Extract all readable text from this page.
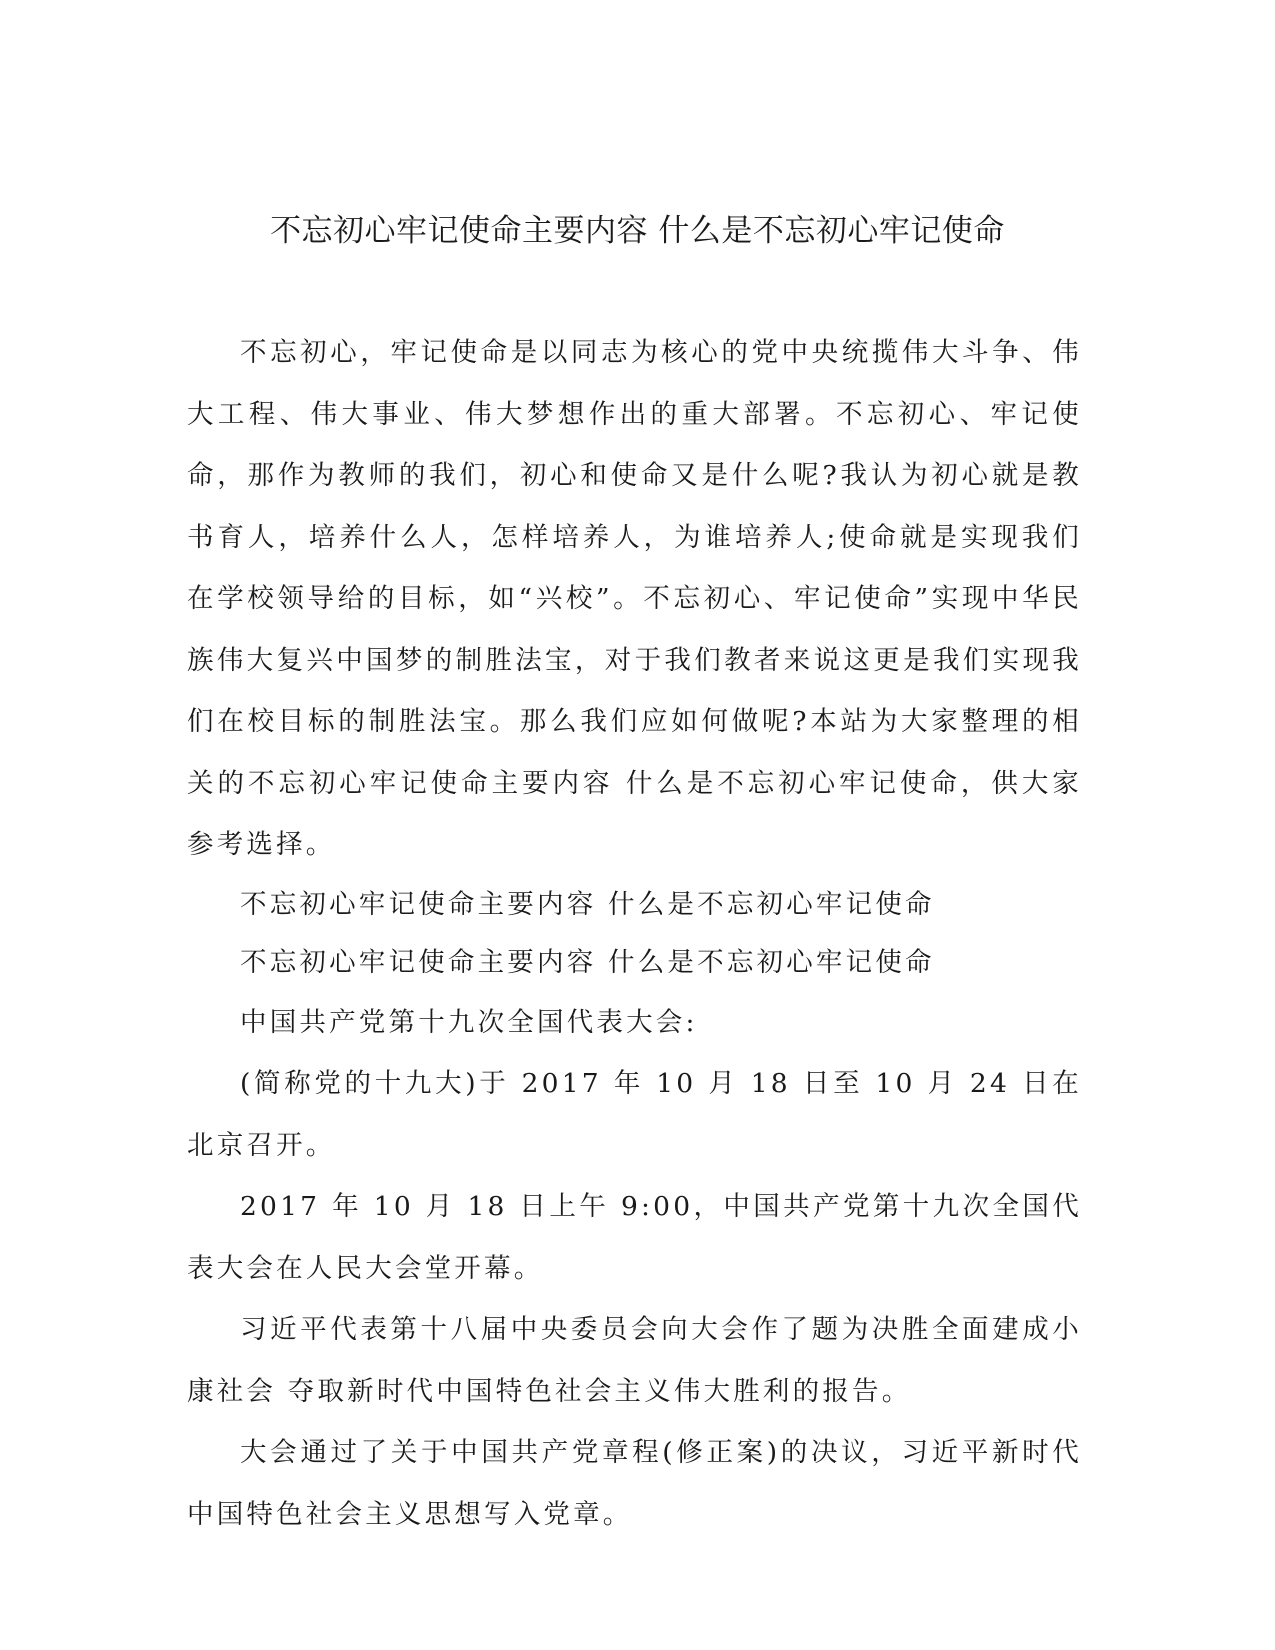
不忘初心牢记使命主要内容 什么是不忘初心牢记使命

不忘初心，牢记使命是以同志为核心的党中央统揽伟大斗争、伟大工程、伟大事业、伟大梦想作出的重大部署。不忘初心、牢记使命，那作为教师的我们，初心和使命又是什么呢?我认为初心就是教书育人，培养什么人，怎样培养人，为谁培养人;使命就是实现我们在学校领导给的目标，如“兴校”。不忘初心、牢记使命”实现中华民族伟大复兴中国梦的制胜法宝，对于我们教者来说这更是我们实现我们在校目标的制胜法宝。那么我们应如何做呢?本站为大家整理的相关的不忘初心牢记使命主要内容 什么是不忘初心牢记使命，供大家参考选择。

不忘初心牢记使命主要内容 什么是不忘初心牢记使命

不忘初心牢记使命主要内容 什么是不忘初心牢记使命

中国共产党第十九次全国代表大会:

(简称党的十九大)于 2017 年 10 月 18 日至 10 月 24 日在北京召开。

2017 年 10 月 18 日上午 9:00，中国共产党第十九次全国代表大会在人民大会堂开幕。

习近平代表第十八届中央委员会向大会作了题为决胜全面建成小康社会 夺取新时代中国特色社会主义伟大胜利的报告。

大会通过了关于中国共产党章程(修正案)的决议，习近平新时代中国特色社会主义思想写入党章。
